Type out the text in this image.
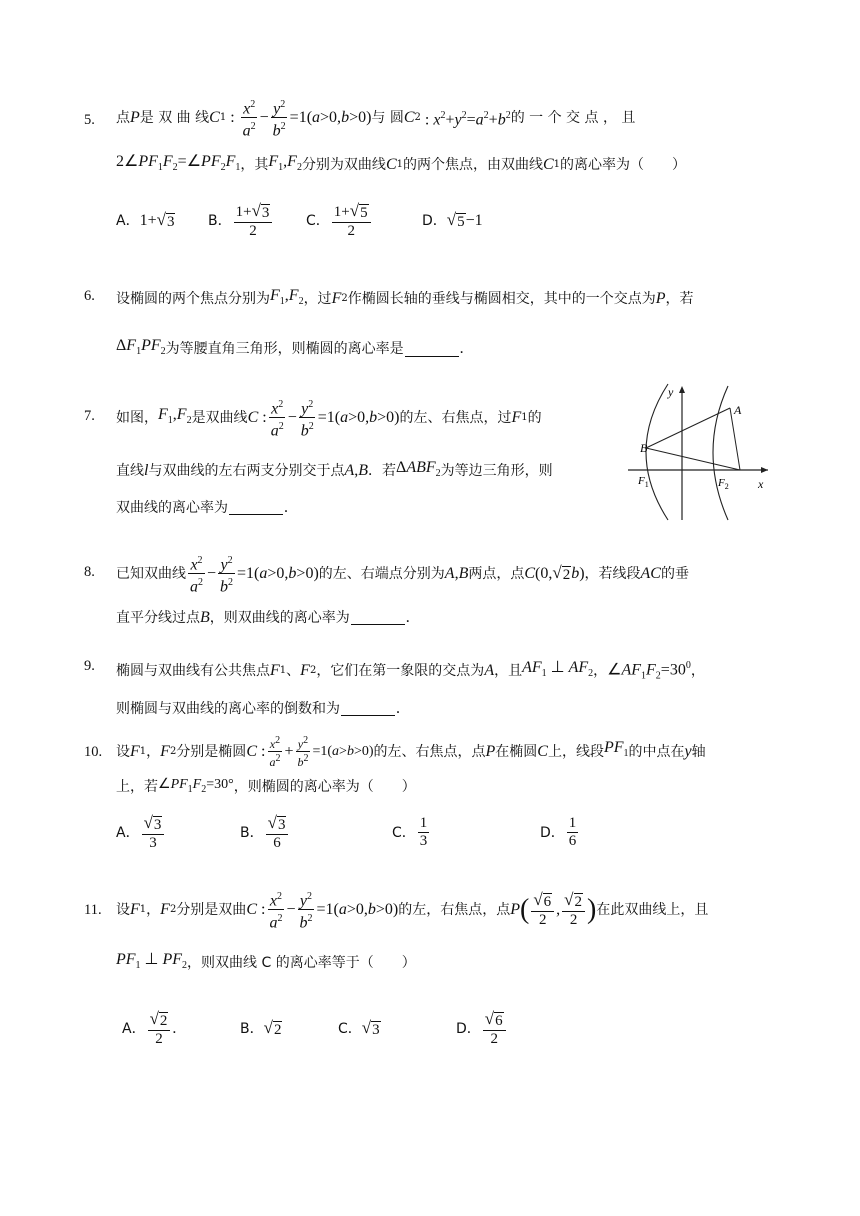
5. 点 P 是 双 曲 线 C 1 : $\frac{x^2}{a^2} - \frac{y^2}{b^2} =1(a>0,b>0)$ 与 圆 C 2 : $x^2+y^2=a^2+b^2$ 的 一 个 交 点 ， 且
$2\angle PF_1F_2=\angle PF_2F_1$ ，其 $F_1,F_2$ 分别为双曲线 C 1 的两个焦点，由双曲线 C 1 的离心率为（　　）
A． 1+ √ 3 B． $\frac{1+ √ 3}{2}$ C． $\frac{1+ √ 5}{2}$	D． √ 5 −1
6. 设椭圆的两个焦点分别为 $F_1,F_2$ ，过 F 2 作椭圆长轴的垂线与椭圆相交，其中的一个交点为 P ，若
$\Delta F_1PF_2$ 为等腰直角三角形，则椭圆的离心率是	.
7. 如图， $F_1,F_2$ 是双曲线 C : $\frac{x^2}{a^2} - \frac{y^2}{b^2} =1(a>0,b>0)$ 的左、右焦点，过 F 1 的
直线 l 与双曲线的左右两支分别交于点 A,B ．若 $\Delta ABF_2$ 为等边三角形，则
双曲线的离心率为	.
y
x
A
B
$F_1$	$F_2$
8. 已知双曲线 $\frac{x^2}{a^2} - \frac{y^2}{b^2} =1(a>0,b>0)$ 的左、右端点分别为 A,B 两点，点 C(0, √ 2 b) ，若线段 AC 的垂
直平分线过点 B ，则双曲线的离心率为	.
9. 椭圆与双曲线有公共焦点 F 1 、 F 2 ，它们在第一象限的交点为 A ，且 $AF_1$ ⊥ $AF_2$ ， $\angle AF_1F_2=30^0$ ，
则椭圆与双曲线的离心率的倒数和为	.
10. 设 F 1 ， F 2 分别是椭圆 C : $\frac{x^2}{a^2} + \frac{y^2}{b^2} =1(a>b>0)$ 的左、右焦点，点 P 在椭圆 C 上，线段 $PF_1$ 的中点在 y 轴
上，若 $\angle PF_1F_2=30^\circ$ ，则椭圆的离心率为（　　）
A． $\frac{√ 3}{3}$	B． $\frac{√ 3}{6}$	C． $\frac{1}{3}$	D． $\frac{1}{6}$
11. 设 F 1 ， F 2 分别是双曲 C : $\frac{x^2}{a^2} - \frac{y^2}{b^2} =1(a>0,b>0)$ 的左，右焦点，点 P ( $\frac{√ 6}{2}$ , $\frac{√ 2}{2}$ ) 在此双曲线上，且
$PF_1$ ⊥ $PF_2$ ，则双曲线 C 的离心率等于（　　）
A． $\frac{√ 2}{2}$ .	B． √ 2	C． √ 3	D． $\frac{√ 6}{2}$
